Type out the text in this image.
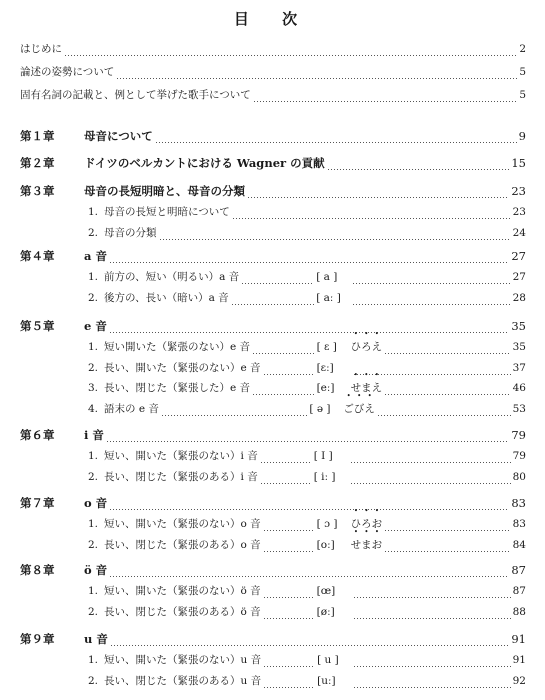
目 次
はじめに	2
論述の姿勢について	5
固有名詞の記載と、例として挙げた歌手について	5
第１章	母音について	9
第２章	ドイツのベルカントにおける Wagner の貢献	15
第３章	母音の長短明暗と、母音の分類	23
1. 母音の長短と明暗について	23
2. 母音の分類	24
第４章	a 音	27
1. 前方の、短い（明るい）a 音	[ a ]	27
2. 後方の、長い（暗い）a 音	[ aː ]	28
第５章	e 音	35
1. 短い開いた（緊張のない）e 音	[ ɛ ]	ひろえ	35
2. 長い、開いた（緊張のない）e 音	[ɛː]	37
3. 長い、閉じた（緊張した）e 音	[eː]	せまえ	46
4. 語末の e 音	[ ə ]	ごびえ	53
第６章	i 音	79
1. 短い、開いた（緊張のない）i 音	[ I ]	79
2. 長い、閉じた（緊張のある）i 音	[ iː ]	80
第７章	o 音	83
1. 短い、開いた（緊張のない）o 音	[ ɔ ]	ひろお	83
2. 長い、閉じた（緊張のある）o 音	[oː]	せまお	84
第８章	ö 音	87
1. 短い、開いた（緊張のない）ö 音	[œ]	87
2. 長い、閉じた（緊張のある）ö 音	[øː]	88
第９章	u 音	91
1. 短い、開いた（緊張のない）u 音	[ u ]	91
2. 長い、閉じた（緊張のある）u 音	[uː]	92
